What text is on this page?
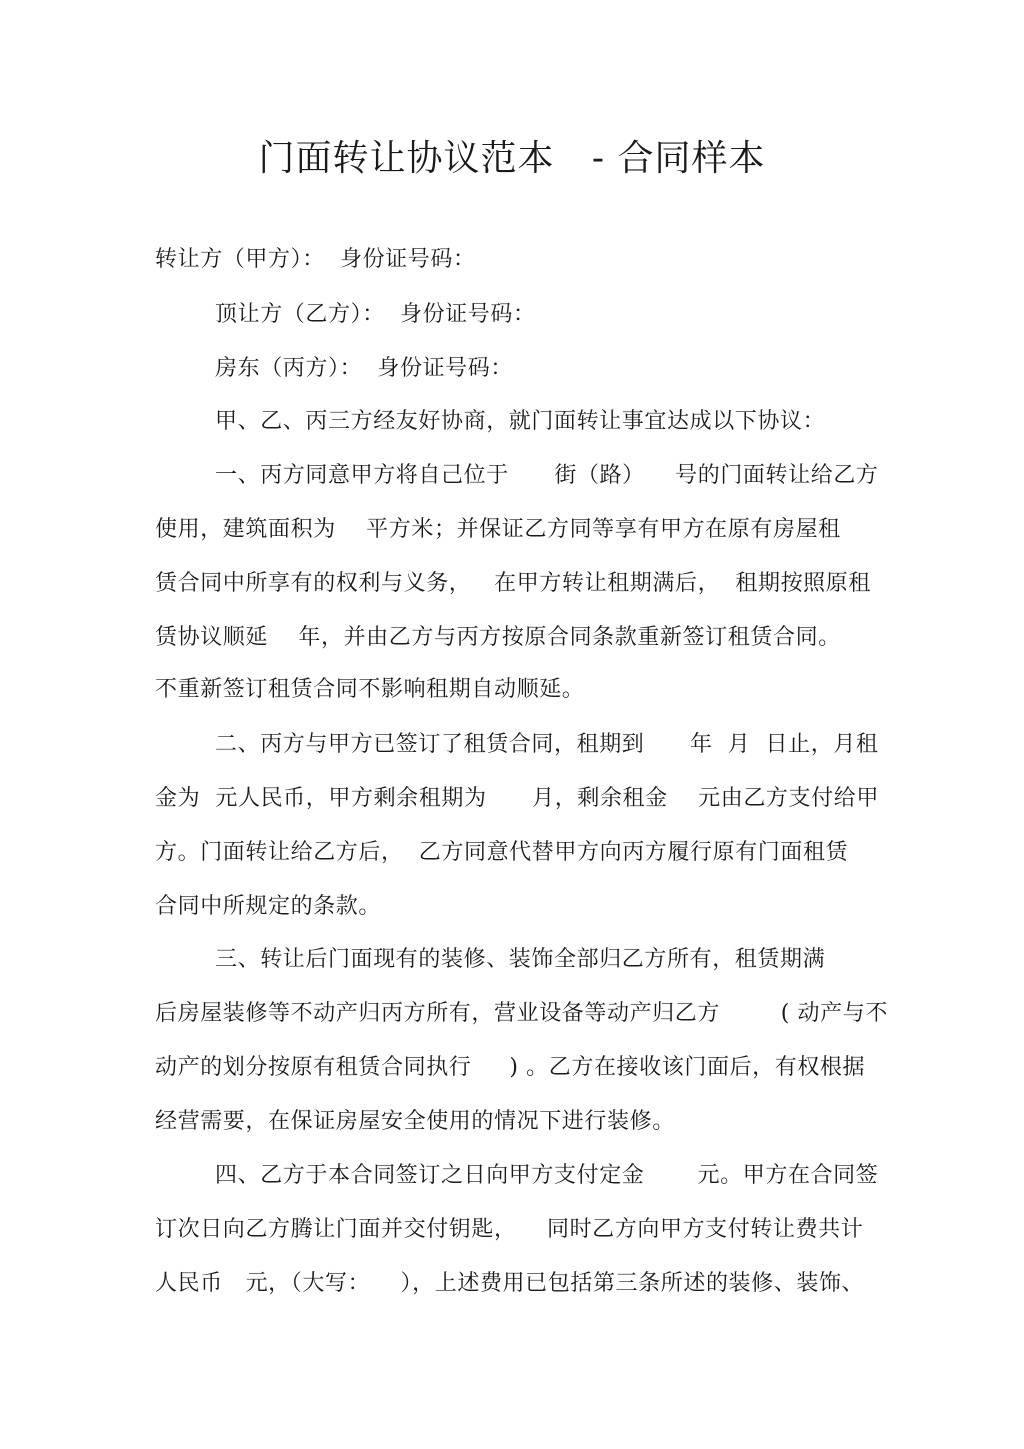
门面转让协议范本   - 合同样本
转让方（甲方）：  身份证号码：
顶让方（乙方）：  身份证号码：
房东（丙方）：  身份证号码：
甲、乙、丙三方经友好协商，就门面转让事宜达成以下协议：
一、丙方同意甲方将自己位于      街（路）    号的门面转让给乙方
使用，建筑面积为    平方米；并保证乙方同等享有甲方在原有房屋租
赁合同中所享有的权利与义务，   在甲方转让租期满后，  租期按照原租
赁协议顺延    年，并由乙方与丙方按原合同条款重新签订租赁合同。
不重新签订租赁合同不影响租期自动顺延。
二、丙方与甲方已签订了租赁合同，租期到      年  月  日止，月租
金为  元人民币，甲方剩余租期为      月，剩余租金    元由乙方支付给甲
方。门面转让给乙方后，  乙方同意代替甲方向丙方履行原有门面租赁
合同中所规定的条款。
三、转让后门面现有的装修、装饰全部归乙方所有，租赁期满
后房屋装修等不动产归丙方所有，营业设备等动产归乙方        ( 动产与不
动产的划分按原有租赁合同执行     ) 。乙方在接收该门面后，有权根据
经营需要，在保证房屋安全使用的情况下进行装修。
四、乙方于本合同签订之日向甲方支付定金       元。甲方在合同签
订次日向乙方腾让门面并交付钥匙，    同时乙方向甲方支付转让费共计
人民币   元，（大写：    ），上述费用已包括第三条所述的装修、装饰、
